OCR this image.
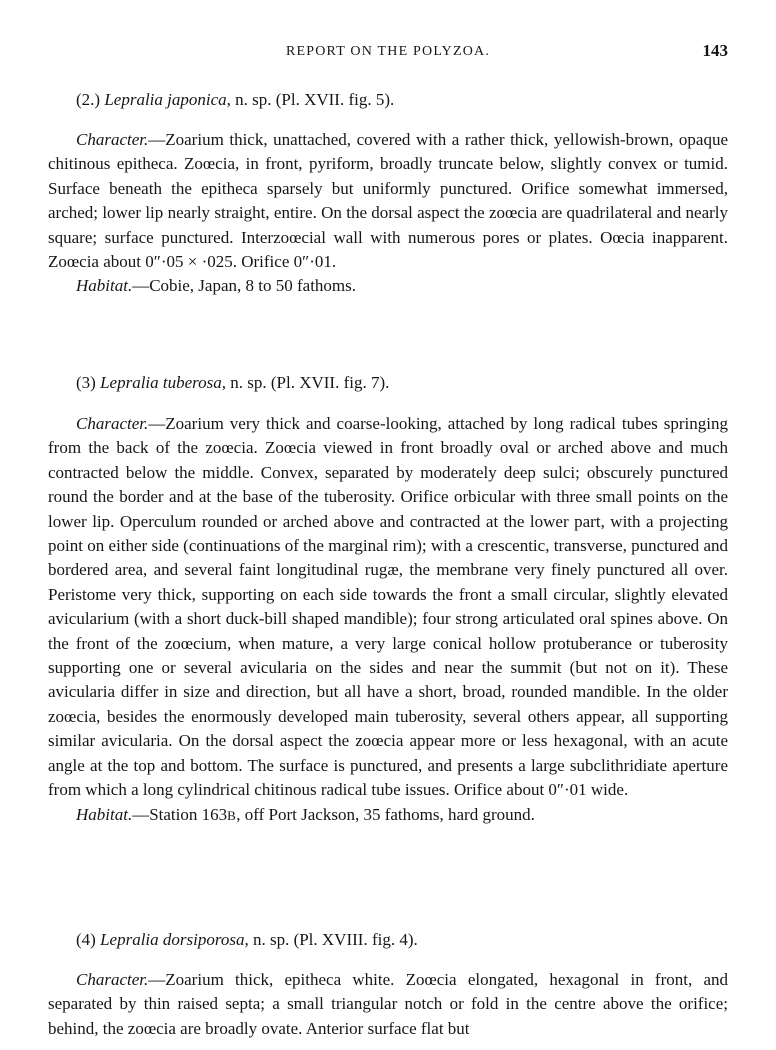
REPORT ON THE POLYZOA.	143

(2.) Lepralia japonica, n. sp. (Pl. XVII. fig. 5).

Character.—Zoarium thick, unattached, covered with a rather thick, yellowish-brown, opaque chitinous epitheca. Zoœcia, in front, pyriform, broadly truncate below, slightly convex or tumid. Surface beneath the epitheca sparsely but uniformly punctured. Orifice somewhat immersed, arched; lower lip nearly straight, entire. On the dorsal aspect the zoœcia are quadrilateral and nearly square; surface punctured. Interzoœcial wall with numerous pores or plates. Oœcia inapparent. Zoœcia about 0″·05 × ·025. Orifice 0″·01.

Habitat.—Cobie, Japan, 8 to 50 fathoms.

(3) Lepralia tuberosa, n. sp. (Pl. XVII. fig. 7).

Character.—Zoarium very thick and coarse-looking, attached by long radical tubes springing from the back of the zoœcia. Zoœcia viewed in front broadly oval or arched above and much contracted below the middle. Convex, separated by moderately deep sulci; obscurely punctured round the border and at the base of the tuberosity. Orifice orbicular with three small points on the lower lip. Operculum rounded or arched above and contracted at the lower part, with a projecting point on either side (continuations of the marginal rim); with a crescentic, transverse, punctured and bordered area, and several faint longitudinal rugæ, the membrane very finely punctured all over. Peristome very thick, supporting on each side towards the front a small circular, slightly elevated avicularium (with a short duck-bill shaped mandible); four strong articulated oral spines above. On the front of the zoœcium, when mature, a very large conical hollow protuberance or tuberosity supporting one or several avicularia on the sides and near the summit (but not on it). These avicularia differ in size and direction, but all have a short, broad, rounded mandible. In the older zoœcia, besides the enormously developed main tuberosity, several others appear, all supporting similar avicularia. On the dorsal aspect the zoœcia appear more or less hexagonal, with an acute angle at the top and bottom. The surface is punctured, and presents a large subclithridiate aperture from which a long cylindrical chitinous radical tube issues. Orifice about 0″·01 wide.

Habitat.—Station 163B, off Port Jackson, 35 fathoms, hard ground.

(4) Lepralia dorsiporosa, n. sp. (Pl. XVIII. fig. 4).

Character.—Zoarium thick, epitheca white. Zoœcia elongated, hexagonal in front, and separated by thin raised septa; a small triangular notch or fold in the centre above the orifice; behind, the zoœcia are broadly ovate. Anterior surface flat but
